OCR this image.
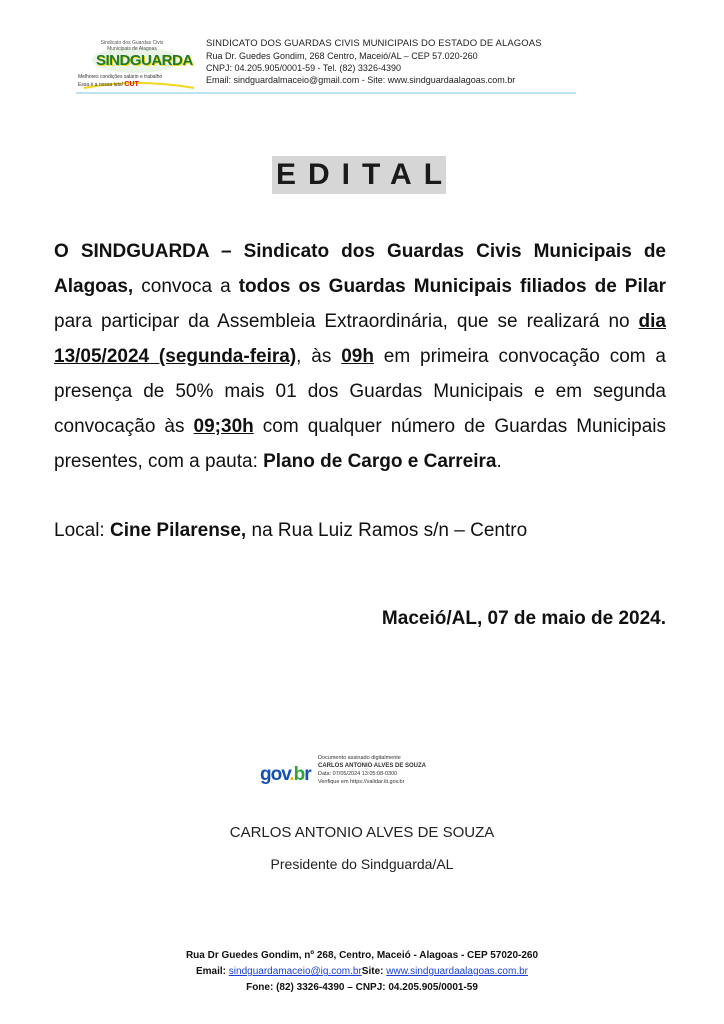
Sindicato dos Guardas Civis Municipais de Alagoas
SINDGUARDA
Melhores condições salário e trabalho
Essa é a nossa luta! CUT
SINDICATO DOS GUARDAS CIVIS MUNICIPAIS DO ESTADO DE ALAGOAS
Rua Dr. Guedes Gondim, 268 Centro, Maceió/AL – CEP 57.020-260
CNPJ: 04.205.905/0001-59 - Tel. (82) 3326-4390
Email: sindguardalmaceio@gmail.com - Site: www.sindguardaalagoas.com.br
EDITAL
O SINDGUARDA – Sindicato dos Guardas Civis Municipais de Alagoas, convoca a todos os Guardas Municipais filiados de Pilar para participar da Assembleia Extraordinária, que se realizará no dia 13/05/2024 (segunda-feira), às 09h em primeira convocação com a presença de 50% mais 01 dos Guardas Municipais e em segunda convocação às 09;30h com qualquer número de Guardas Municipais presentes, com a pauta: Plano de Cargo e Carreira.
Local: Cine Pilarense, na Rua Luiz Ramos s/n – Centro
Maceió/AL, 07 de maio de 2024.
gov.br
Documento assinado digitalmente
CARLOS ANTONIO ALVES DE SOUZA
Data: 07/05/2024 13:05:08-0300
Verifique em https://validar.iti.gov.br
CARLOS ANTONIO ALVES DE SOUZA
Presidente do Sindguarda/AL
Rua Dr Guedes Gondim, nº 268, Centro, Maceió - Alagoas - CEP 57020-260
Email: sindguardamaceio@ig.com.brSite: www.sindguardaalagoas.com.br
Fone: (82) 3326-4390 – CNPJ: 04.205.905/0001-59
